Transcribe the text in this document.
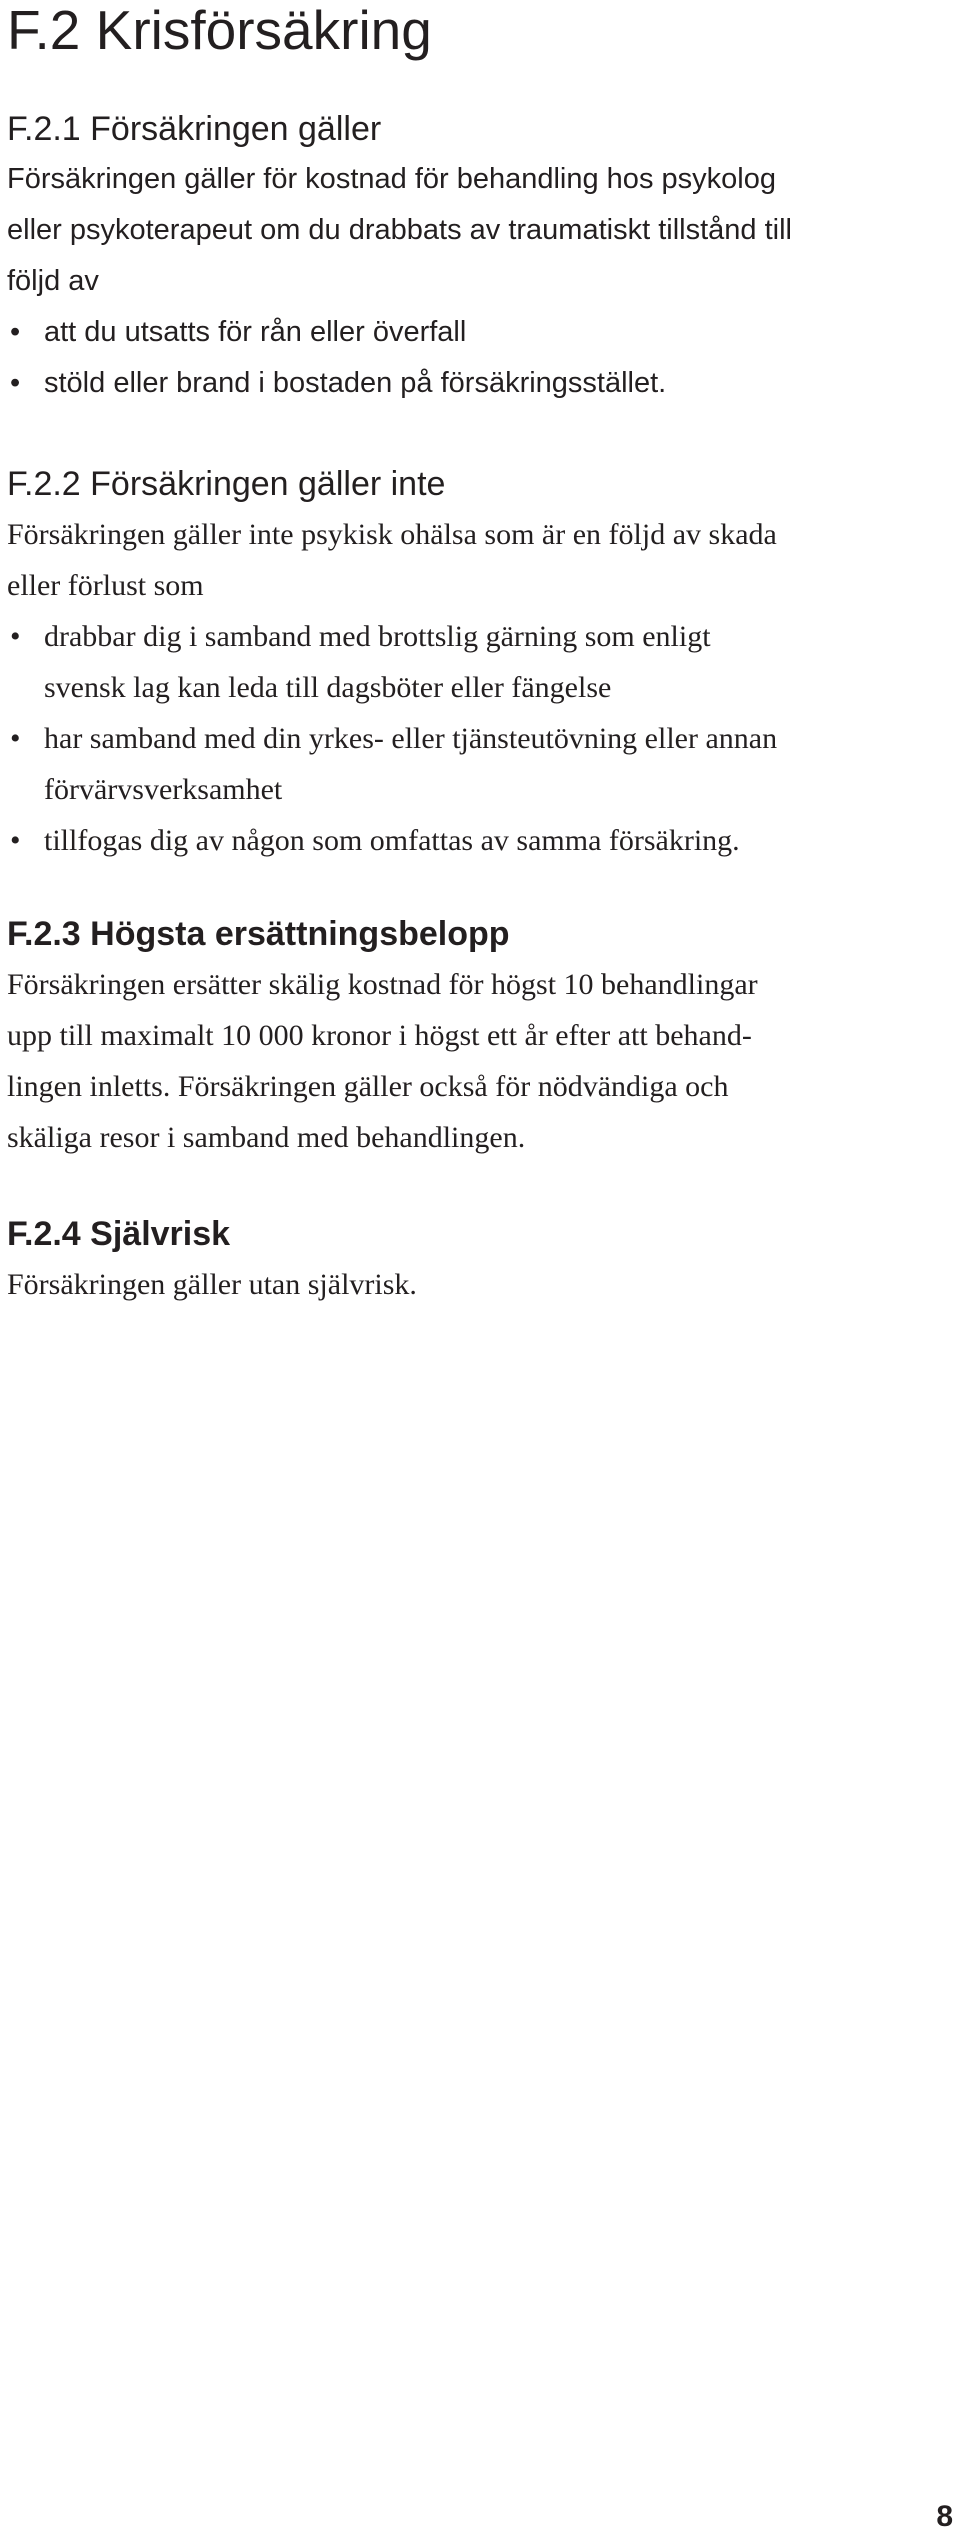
F.2 Krisförsäkring
F.2.1 Försäkringen gäller

Försäkringen gäller för kostnad för behandling hos psykolog

eller psykoterapeut om du drabbats av traumatiskt tillstånd till

följd av

• att du utsatts för rån eller överfall
• stöld eller brand i bostaden på försäkringsstället.
F.2.2 Försäkringen gäller inte

Försäkringen gäller inte psykisk ohälsa som är en följd av skada

eller förlust som

• drabbar dig i samband med brottslig gärning som enligt
svensk lag kan leda till dagsböter eller fängelse
• har samband med din yrkes- eller tjänsteutövning eller annan
förvärvsverksamhet
• tillfogas dig av någon som omfattas av samma försäkring.
F.2.3 Högsta ersättningsbelopp

Försäkringen ersätter skälig kostnad för högst 10 behandlingar

upp till maximalt 10 000 kronor i högst ett år efter att behand-

lingen inletts. Försäkringen gäller också för nödvändiga och

skäliga resor i samband med behandlingen.

F.2.4 Självrisk

Försäkringen gäller utan självrisk.

8
